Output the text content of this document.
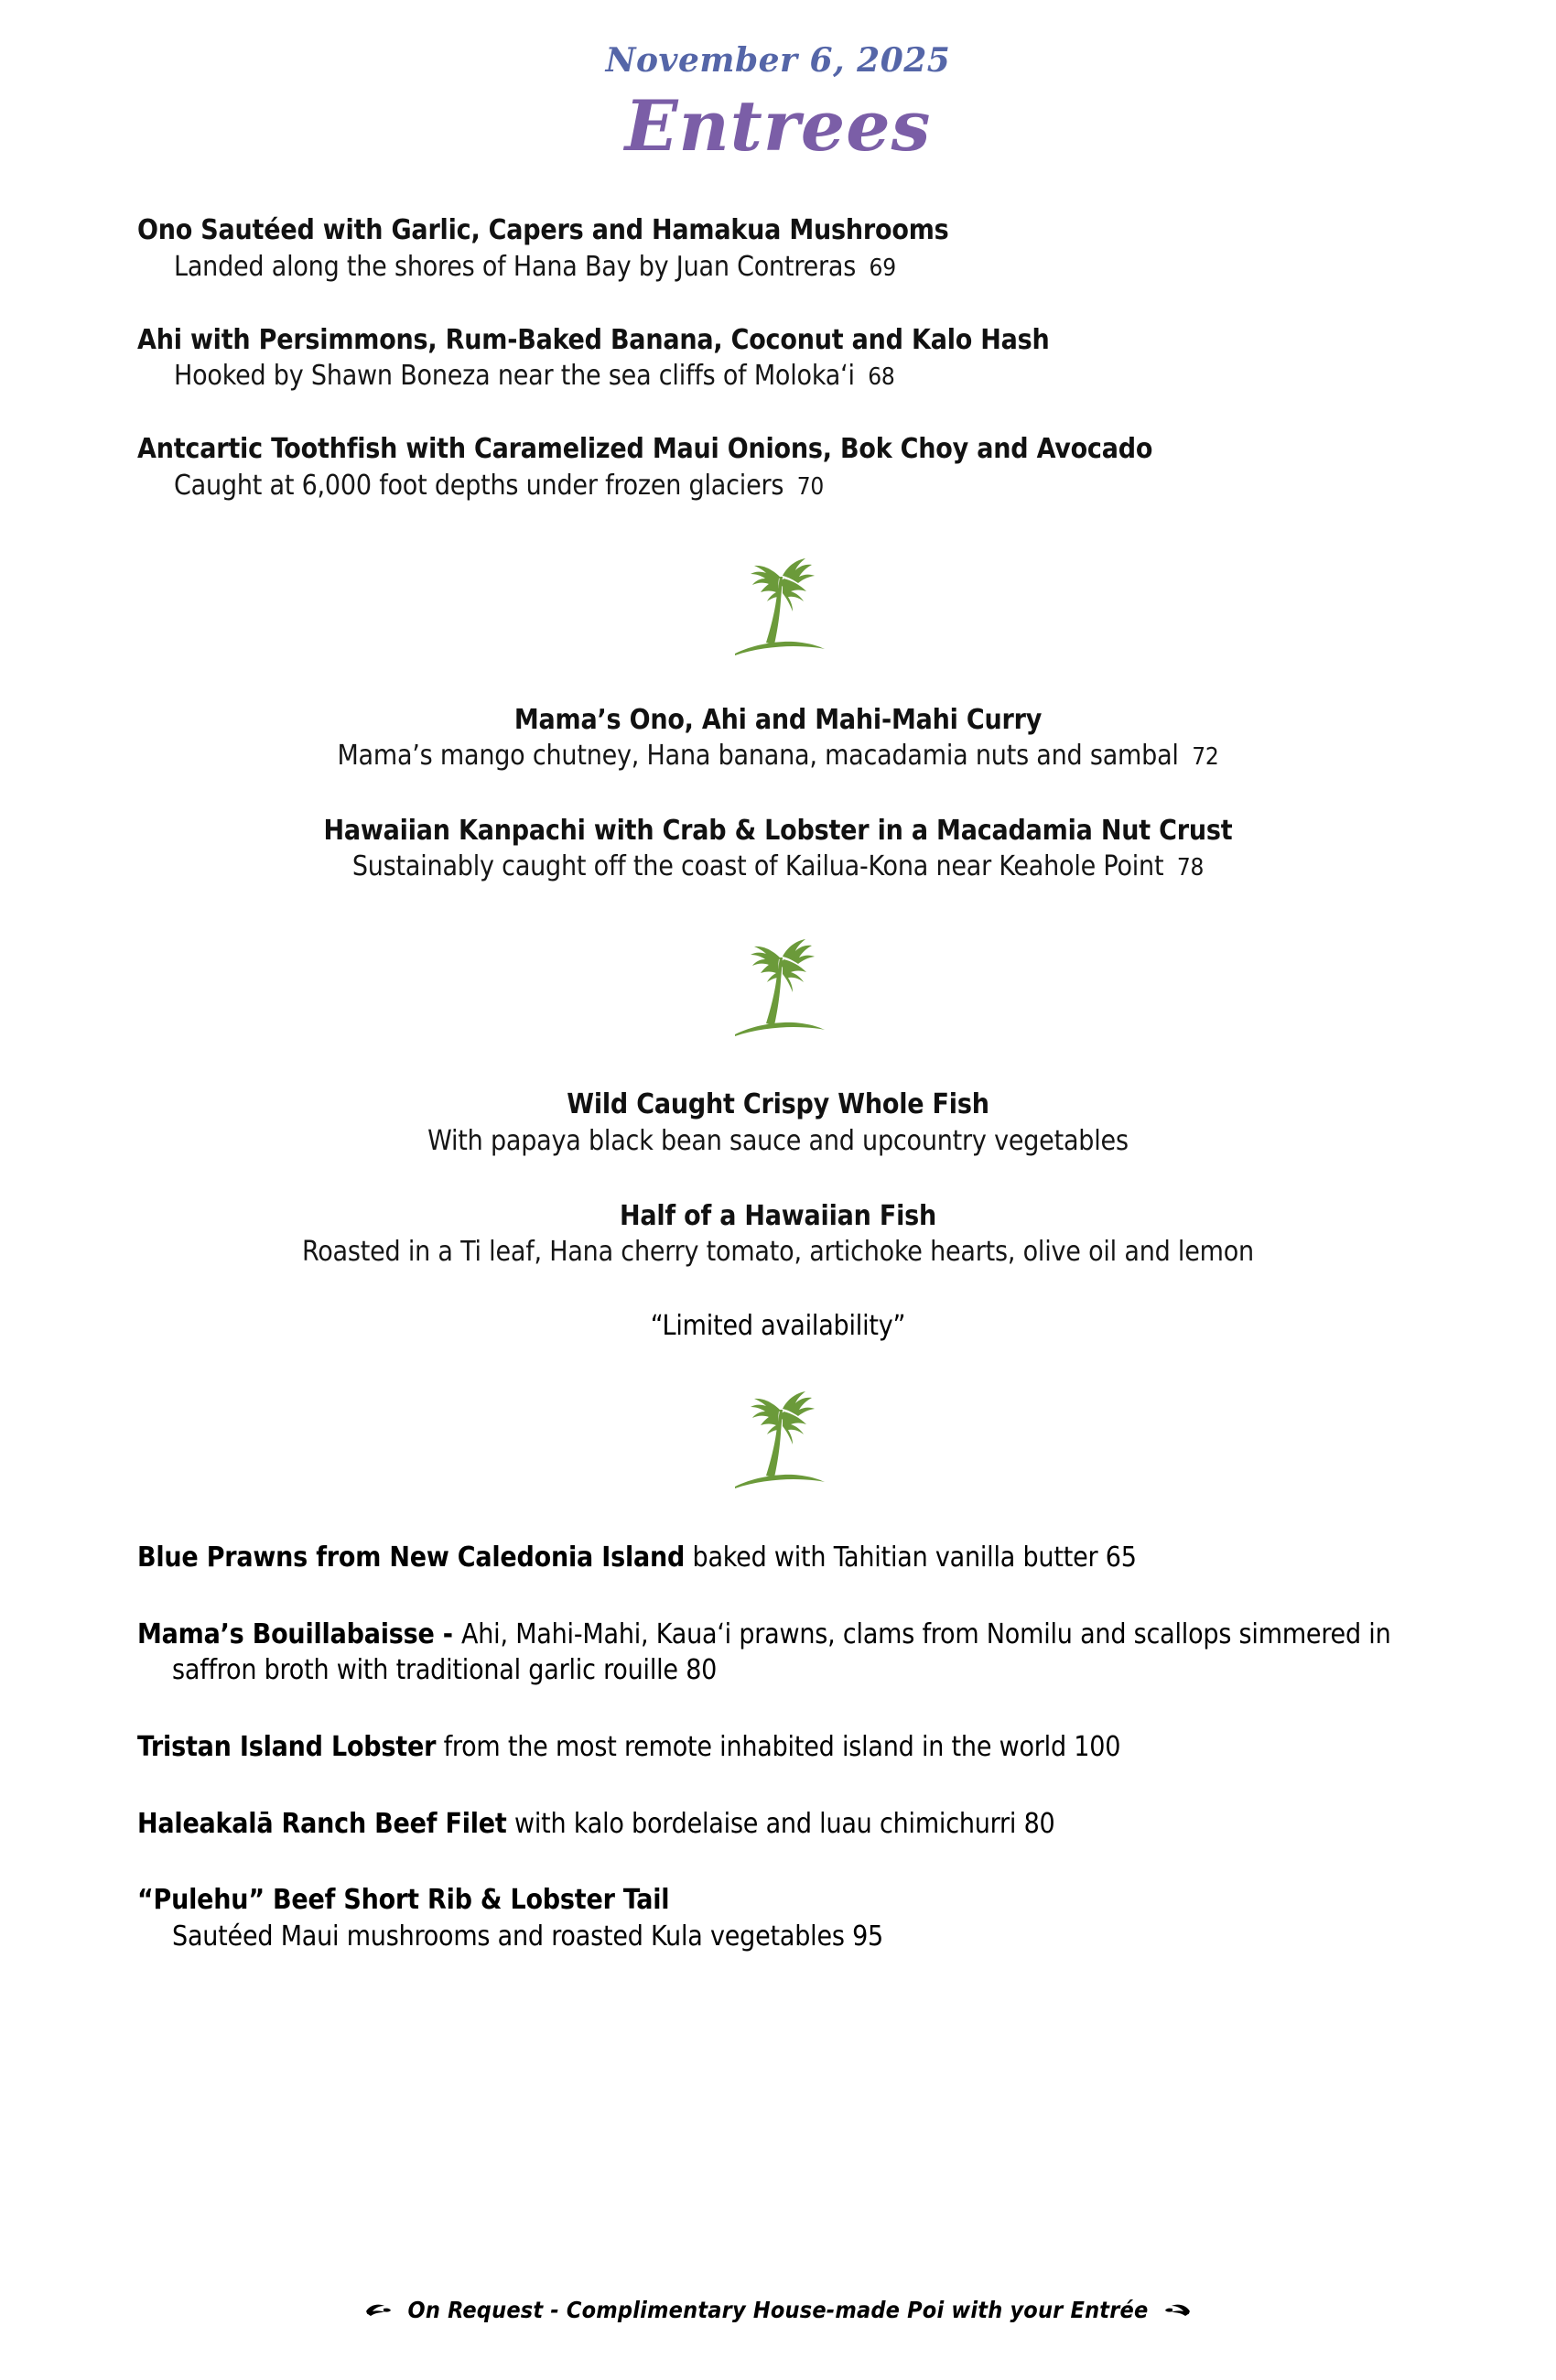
November 6, 2025
Entrees
Ono Sautéed with Garlic, Capers and Hamakua Mushrooms
Landed along the shores of Hana Bay by Juan Contreras 69
Ahi with Persimmons, Rum-Baked Banana, Coconut and Kalo Hash
Hooked by Shawn Boneza near the sea cliffs of Molokaʻi 68
Antcartic Toothfish with Caramelized Maui Onions, Bok Choy and Avocado
Caught at 6,000 foot depths under frozen glaciers 70
Mama’s Ono, Ahi and Mahi-Mahi Curry
Mama’s mango chutney, Hana banana, macadamia nuts and sambal 72
Hawaiian Kanpachi with Crab & Lobster in a Macadamia Nut Crust
Sustainably caught off the coast of Kailua-Kona near Keahole Point 78
Wild Caught Crispy Whole Fish
With papaya black bean sauce and upcountry vegetables
Half of a Hawaiian Fish
Roasted in a Ti leaf, Hana cherry tomato, artichoke hearts, olive oil and lemon
“Limited availability”
Blue Prawns from New Caledonia Island baked with Tahitian vanilla butter 65
Mama’s Bouillabaisse - Ahi, Mahi-Mahi, Kauaʻi prawns, clams from Nomilu and scallops simmered in saffron broth with traditional garlic rouille 80
Tristan Island Lobster from the most remote inhabited island in the world 100
Haleakalā Ranch Beef Filet with kalo bordelaise and luau chimichurri 80
“Pulehu” Beef Short Rib & Lobster Tail
Sautéed Maui mushrooms and roasted Kula vegetables 95
On Request - Complimentary House-made Poi with your Entrée
